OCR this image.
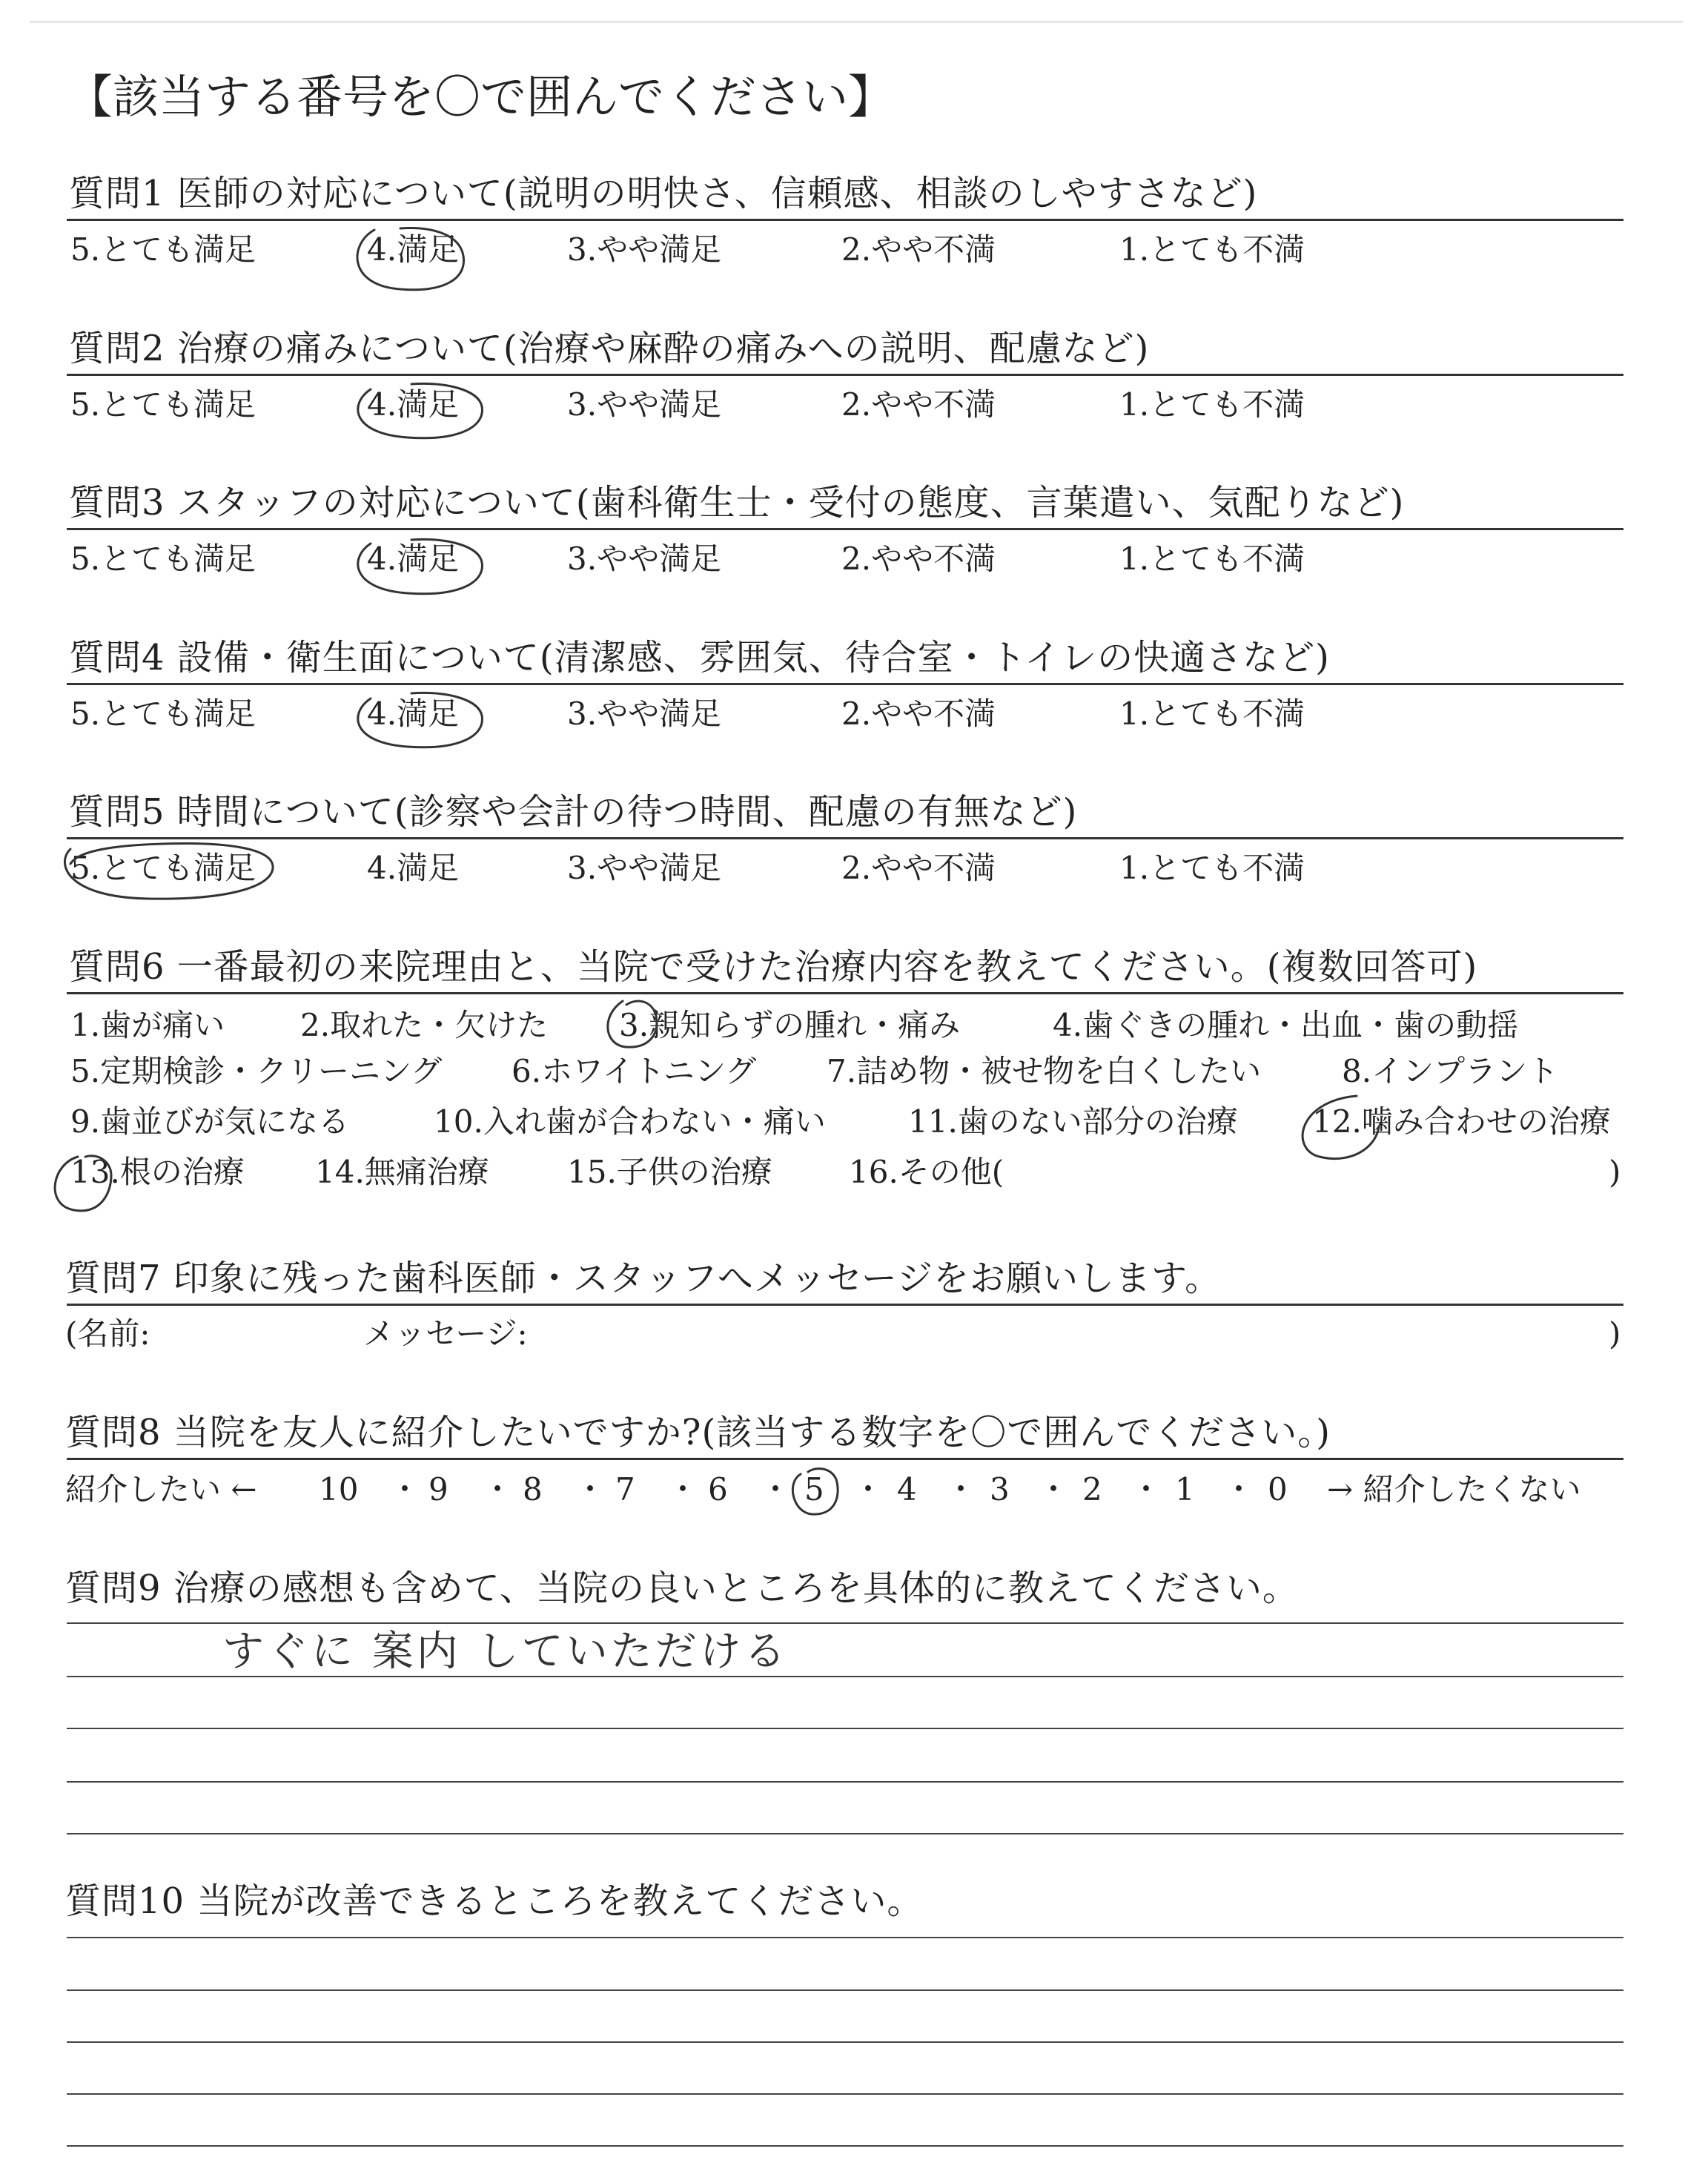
【該当する番号を〇で囲んでください】
質問1 医師の対応について(説明の明快さ、信頼感、相談のしやすさなど)
5.とても満足	4.満足	3.やや満足	2.やや不満	1.とても不満
質問2 治療の痛みについて(治療や麻酔の痛みへの説明、配慮など)
5.とても満足	4.満足	3.やや満足	2.やや不満	1.とても不満
質問3 スタッフの対応について(歯科衛生士・受付の態度、言葉遣い、気配りなど)
5.とても満足	4.満足	3.やや満足	2.やや不満	1.とても不満
質問4 設備・衛生面について(清潔感、雰囲気、待合室・トイレの快適さなど)
5.とても満足	4.満足	3.やや満足	2.やや不満	1.とても不満
質問5 時間について(診察や会計の待つ時間、配慮の有無など)
5.とても満足	4.満足	3.やや満足	2.やや不満	1.とても不満
質問6 一番最初の来院理由と、当院で受けた治療内容を教えてください。(複数回答可)
1.歯が痛い 2.取れた・欠けた 3.親知らずの腫れ・痛み	4.歯ぐきの腫れ・出血・歯の動揺
5.定期検診・クリーニング 6.ホワイトニング 7.詰め物・被せ物を白くしたい	8.インプラント
9.歯並びが気になる	10.入れ歯が合わない・痛い	11.歯のない部分の治療 12.噛み合わせの治療
13.根の治療 14.無痛治療	15.子供の治療 16.その他(	)
質問7 印象に残った歯科医師・スタッフへメッセージをお願いします。
(名前:	メッセージ:	)
質問8 当院を友人に紹介したいですか?(該当する数字を〇で囲んでください。)
紹介したい ← 10 ・ 9 ・ 8 ・ 7 ・ 6 ・ 5 ・ 4 ・ 3 ・ 2 ・ 1 ・ 0 → 紹介したくない
質問9 治療の感想も含めて、当院の良いところを具体的に教えてください。
すぐに 案内 していただける
質問10 当院が改善できるところを教えてください。
